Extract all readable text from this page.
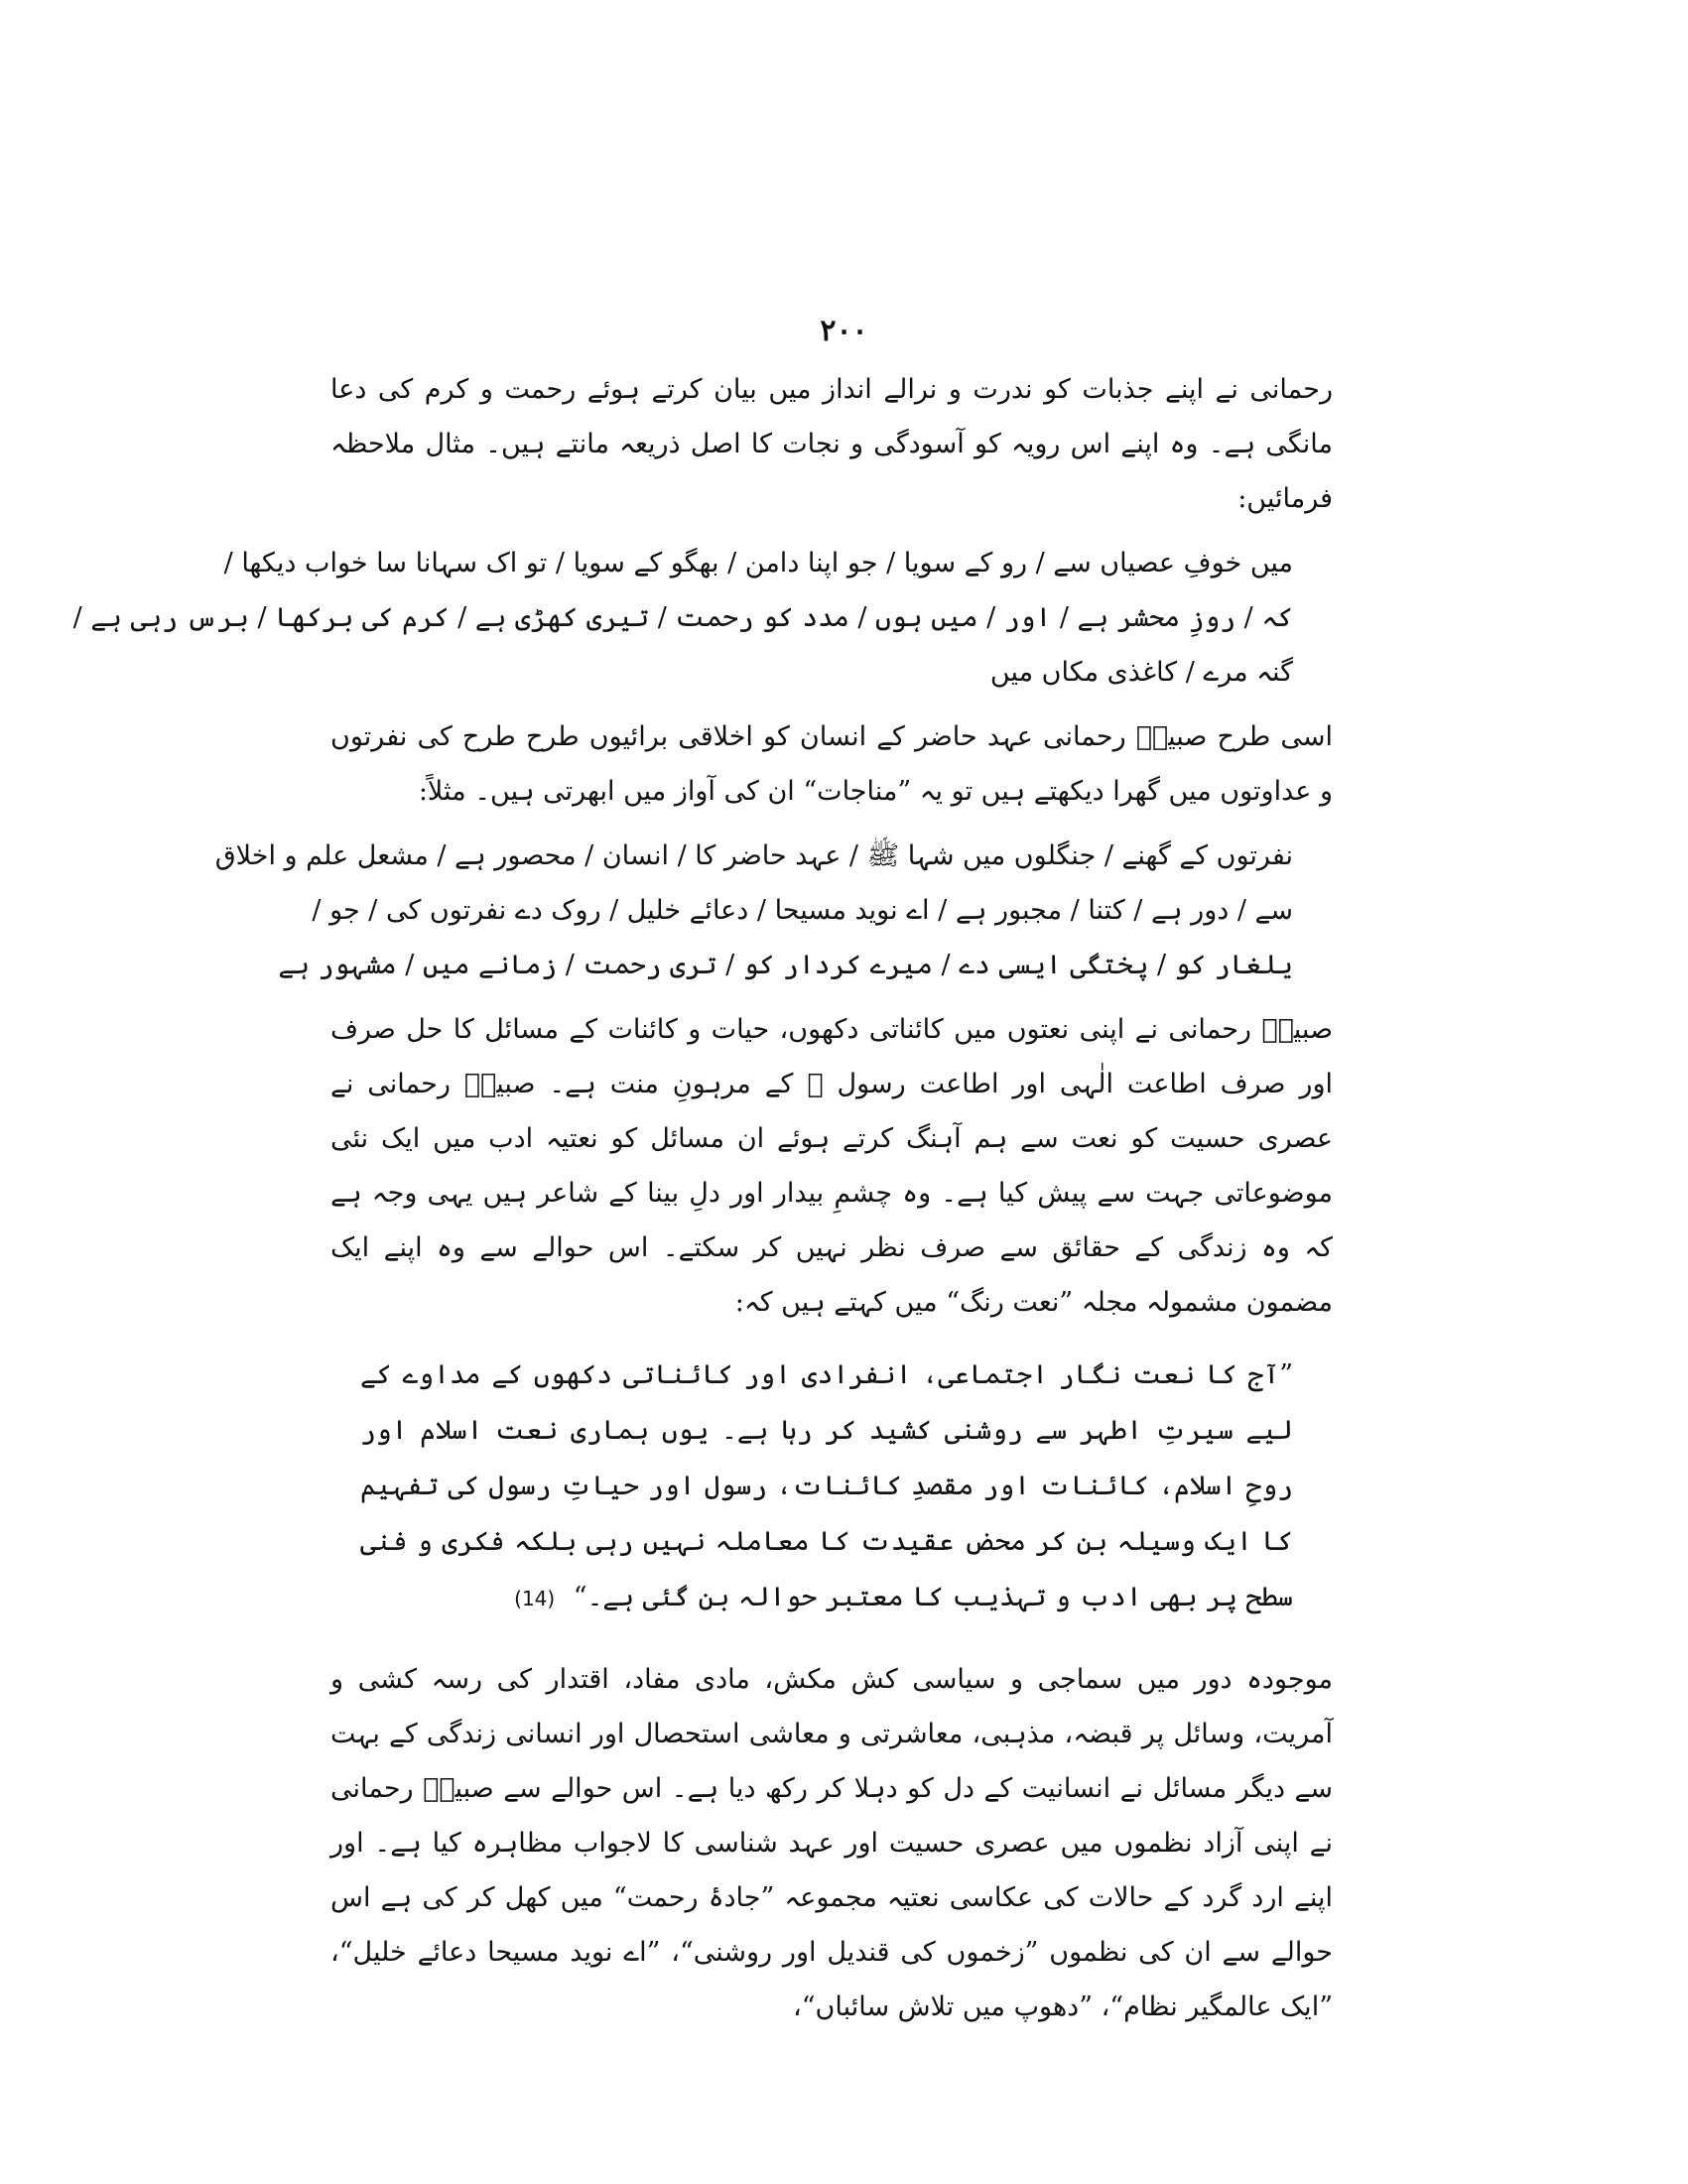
۲۰۰

رحمانی نے اپنے جذبات کو ندرت و نرالے انداز میں بیان کرتے ہوئے رحمت و کرم کی دعا مانگی ہے۔ وہ اپنے اس رویہ کو آسودگی و نجات کا اصل ذریعہ مانتے ہیں۔ مثال ملاحظہ فرمائیں:

میں خوفِ عصیاں سے / رو کے سویا / جو اپنا دامن / بھگو کے سویا / تو اک سہانا سا خواب دیکھا /
کہ / روزِ محشر ہے / اور / میں ہوں / مدد کو رحمت / تیری کھڑی ہے / کرم کی برکھا / برس رہی ہے /
گنہ مرے / کاغذی مکاں میں

اسی طرح صبیحؔ رحمانی عہد حاضر کے انسان کو اخلاقی برائیوں طرح طرح کی نفرتوں و عداوتوں میں گھرا دیکھتے ہیں تو یہ ”مناجات“ ان کی آواز میں ابھرتی ہیں۔ مثلاً:

نفرتوں کے گھنے / جنگلوں میں شہا ﷺ / عہد حاضر کا / انسان / محصور ہے / مشعل علم و اخلاق
سے / دور ہے / کتنا / مجبور ہے / اے نوید مسیحا / دعائے خلیل / روک دے نفرتوں کی / جو /
یلغار کو / پختگی ایسی دے / میرے کردار کو / تری رحمت / زمانے میں / مشہور ہے

صبیحؔ رحمانی نے اپنی نعتوں میں کائناتی دکھوں، حیات و کائنات کے مسائل کا حل صرف اور صرف اطاعت الٰہی اور اطاعت رسول ﷺ کے مرہونِ منت ہے۔ صبیحؔ رحمانی نے عصری حسیت کو نعت سے ہم آہنگ کرتے ہوئے ان مسائل کو نعتیہ ادب میں ایک نئی موضوعاتی جہت سے پیش کیا ہے۔ وہ چشمِ بیدار اور دلِ بینا کے شاعر ہیں یہی وجہ ہے کہ وہ زندگی کے حقائق سے صرف نظر نہیں کر سکتے۔ اس حوالے سے وہ اپنے ایک مضمون مشمولہ مجلہ ”نعت رنگ“ میں کہتے ہیں کہ:

”آج کا نعت نگار اجتماعی، انفرادی اور کائناتی دکھوں کے مداوے کے لیے سیرتِ اطہر سے روشنی کشید کر رہا ہے۔ یوں ہماری نعت اسلام اور روحِ اسلام، کائنات اور مقصدِ کائنات، رسول اور حیاتِ رسول کی تفہیم کا ایک وسیلہ بن کر محض عقیدت کا معاملہ نہیں رہی بلکہ فکری و فنی سطح پر بھی ادب و تہذیب کا معتبر حوالہ بن گئی ہے۔“ (14)

موجودہ دور میں سماجی و سیاسی کش مکش، مادی مفاد، اقتدار کی رسہ کشی و آمریت، وسائل پر قبضہ، مذہبی، معاشرتی و معاشی استحصال اور انسانی زندگی کے بہت سے دیگر مسائل نے انسانیت کے دل کو دہلا کر رکھ دیا ہے۔ اس حوالے سے صبیحؔ رحمانی نے اپنی آزاد نظموں میں عصری حسیت اور عہد شناسی کا لاجواب مظاہرہ کیا ہے۔ اور اپنے ارد گرد کے حالات کی عکاسی نعتیہ مجموعہ ”جادۂ رحمت“ میں کھل کر کی ہے اس حوالے سے ان کی نظموں ”زخموں کی قندیل اور روشنی“، ”اے نوید مسیحا دعائے خلیل“، ”ایک عالمگیر نظام“، ”دھوپ میں تلاش سائباں“،
